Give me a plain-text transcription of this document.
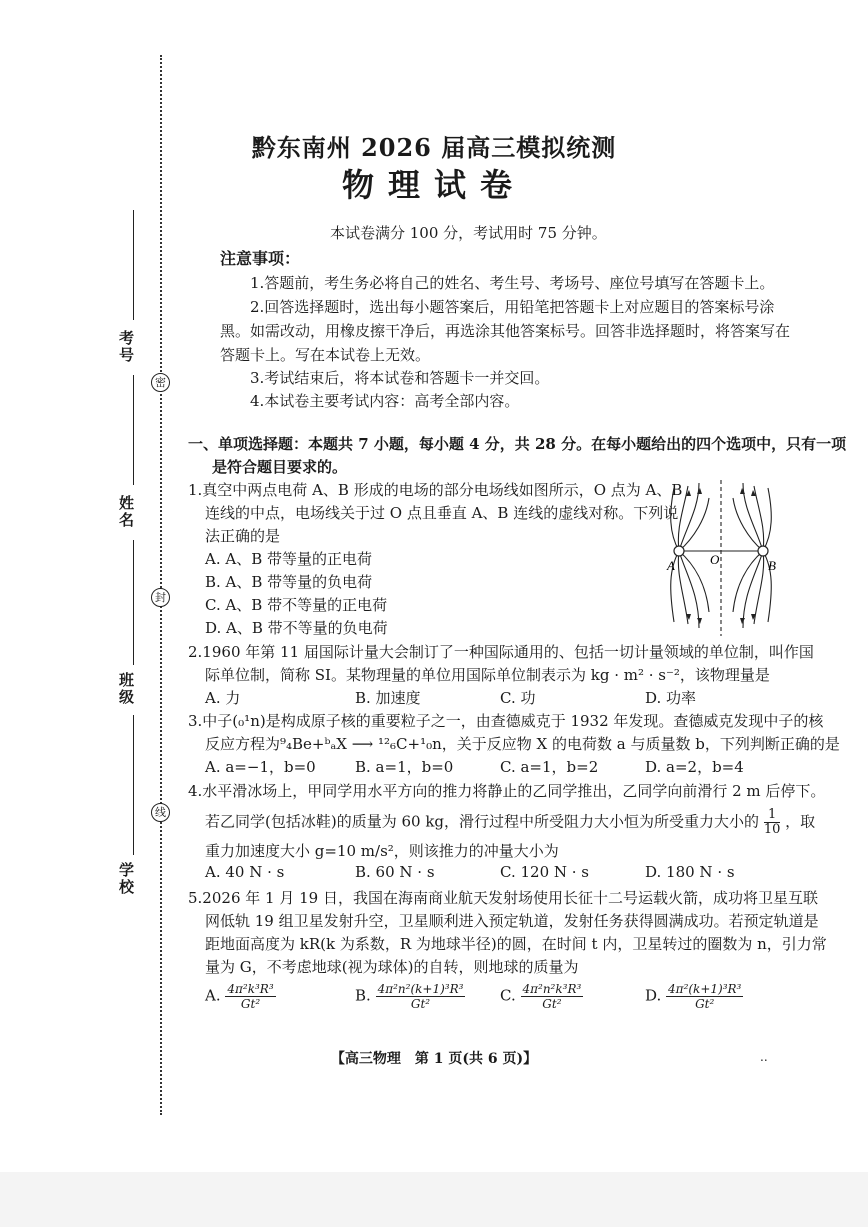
考号
姓名
班级
学校
密
封
线
黔东南州 2026 届高三模拟统测
物理试卷
本试卷满分 100 分，考试用时 75 分钟。
注意事项：
1.答题前，考生务必将自己的姓名、考生号、考场号、座位号填写在答题卡上。
2.回答选择题时，选出每小题答案后，用铅笔把答题卡上对应题目的答案标号涂
黑。如需改动，用橡皮擦干净后，再选涂其他答案标号。回答非选择题时，将答案写在
答题卡上。写在本试卷上无效。
3.考试结束后，将本试卷和答题卡一并交回。
4.本试卷主要考试内容：高考全部内容。
一、单项选择题：本题共 7 小题，每小题 4 分，共 28 分。在每小题给出的四个选项中，只有一项
是符合题目要求的。
1.真空中两点电荷 A、B 形成的电场的部分电场线如图所示，O 点为 A、B
连线的中点，电场线关于过 O 点且垂直 A、B 连线的虚线对称。下列说
法正确的是
A. A、B 带等量的正电荷
B. A、B 带等量的负电荷
C. A、B 带不等量的正电荷
D. A、B 带不等量的负电荷
A	B
O
2.1960 年第 11 届国际计量大会制订了一种国际通用的、包括一切计量领域的单位制，叫作国
际单位制，简称 SI。某物理量的单位用国际单位制表示为 kg · m² · s⁻²，该物理量是
A. 力	B. 加速度	C. 功	D. 功率
3.中子(₀¹n)是构成原子核的重要粒子之一，由查德威克于 1932 年发现。查德威克发现中子的核
反应方程为⁹₄Be+ᵇₐX ⟶ ¹²₆C+¹₀n，关于反应物 X 的电荷数 a 与质量数 b，下列判断正确的是
A. a=−1，b=0	B. a=1，b=0	C. a=1，b=2	D. a=2，b=4
4.水平滑冰场上，甲同学用水平方向的推力将静止的乙同学推出，乙同学向前滑行 2 m 后停下。
若乙同学(包括冰鞋)的质量为 60 kg，滑行过程中所受阻力大小恒为所受重力大小的 $\frac{1}{10}$ ，取
重力加速度大小 g=10 m/s²，则该推力的冲量大小为
A. 40 N · s	B. 60 N · s	C. 120 N · s	D. 180 N · s
5.2026 年 1 月 19 日，我国在海南商业航天发射场使用长征十二号运载火箭，成功将卫星互联
网低轨 19 组卫星发射升空，卫星顺利进入预定轨道，发射任务获得圆满成功。若预定轨道是
距地面高度为 kR(k 为系数，R 为地球半径)的圆，在时间 t 内，卫星转过的圈数为 n，引力常
量为 G，不考虑地球(视为球体)的自转，则地球的质量为
A. $\frac{\text{4π²k³R³}}{\text{Gt²}}$	B. $\frac{\text{4π²n²(k+1)³R³}}{\text{Gt²}} C$. $\frac{\text{4π²n²k³R³}}{\text{Gt²}}$	D. $\frac{\text{4π²(k+1)³R³}}{\text{Gt²}}$
【高三物理　第 1 页(共 6 页)】	..
